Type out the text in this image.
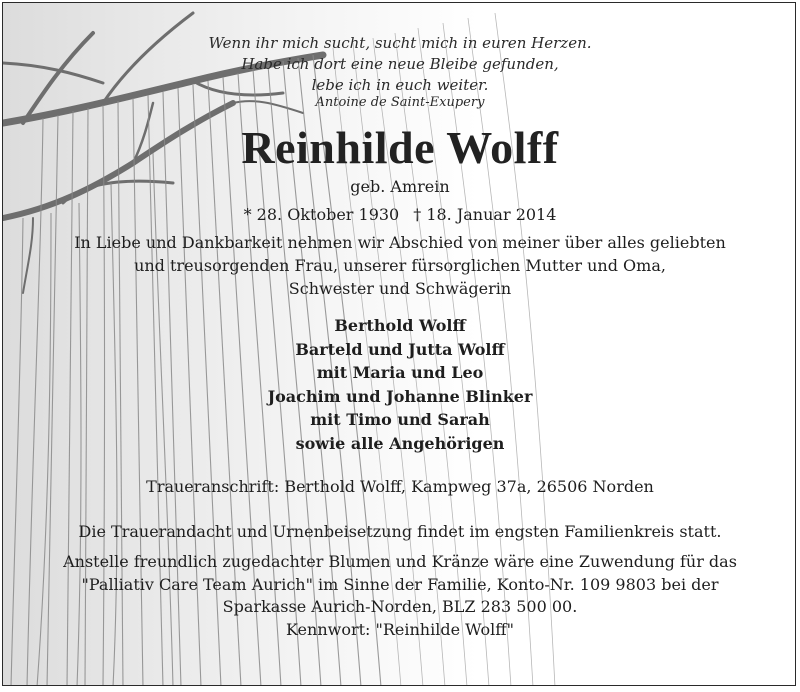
Wenn ihr mich sucht, sucht mich in euren Herzen.
Habe ich dort eine neue Bleibe gefunden,
lebe ich in euch weiter.
Antoine de Saint-Exupery
Reinhilde Wolff
geb. Amrein
* 28. Oktober 1930 † 18. Januar 2014
In Liebe und Dankbarkeit nehmen wir Abschied von meiner über alles geliebten
und treusorgenden Frau, unserer fürsorglichen Mutter und Oma,
Schwester und Schwägerin
Berthold Wolff
Barteld und Jutta Wolff
mit Maria und Leo
Joachim und Johanne Blinker
mit Timo und Sarah
sowie alle Angehörigen
Traueranschrift: Berthold Wolff, Kampweg 37a, 26506 Norden
Die Trauerandacht und Urnenbeisetzung findet im engsten Familienkreis statt.
Anstelle freundlich zugedachter Blumen und Kränze wäre eine Zuwendung für das
"Palliativ Care Team Aurich" im Sinne der Familie, Konto-Nr. 109 9803 bei der
Sparkasse Aurich-Norden, BLZ 283 500 00.
Kennwort: "Reinhilde Wolff"
